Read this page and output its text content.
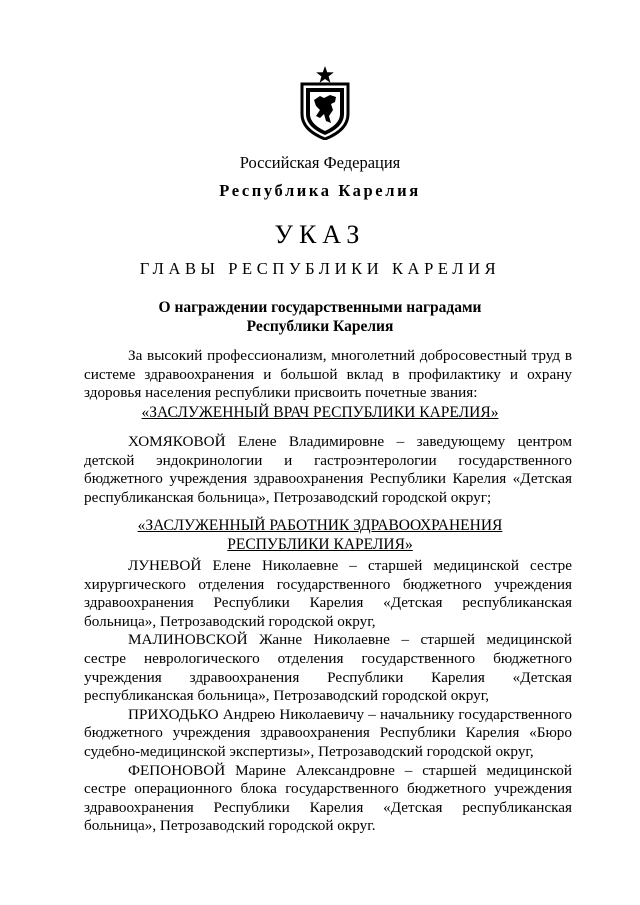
Российская Федерация
Республика Карелия
УКАЗ
ГЛАВЫ РЕСПУБЛИКИ КАРЕЛИЯ
О награждении государственными наградами
Республики Карелия

За высокий профессионализм, многолетний добросовестный труд в системе здравоохранения и большой вклад в профилактику и охрану здоровья населения республики присвоить почетные звания:

«ЗАСЛУЖЕННЫЙ ВРАЧ РЕСПУБЛИКИ КАРЕЛИЯ»

ХОМЯКОВОЙ Елене Владимировне – заведующему центром детской эндокринологии и гастроэнтерологии государственного бюджетного учреждения здравоохранения Республики Карелия «Детская республиканская больница», Петрозаводский городской округ;

«ЗАСЛУЖЕННЫЙ РАБОТНИК ЗДРАВООХРАНЕНИЯ
РЕСПУБЛИКИ КАРЕЛИЯ»

ЛУНЕВОЙ Елене Николаевне – старшей медицинской сестре хирургического отделения государственного бюджетного учреждения здравоохранения Республики Карелия «Детская республиканская больница», Петрозаводский городской округ,

МАЛИНОВСКОЙ Жанне Николаевне – старшей медицинской сестре неврологического отделения государственного бюджетного учреждения здравоохранения Республики Карелия «Детская республиканская больница», Петрозаводский городской округ,

ПРИХОДЬКО Андрею Николаевичу – начальнику государственного бюджетного учреждения здравоохранения Республики Карелия «Бюро судебно-медицинской экспертизы», Петрозаводский городской округ,

ФЕПОНОВОЙ Марине Александровне – старшей медицинской сестре операционного блока государственного бюджетного учреждения здравоохранения Республики Карелия «Детская республиканская больница», Петрозаводский городской округ.
